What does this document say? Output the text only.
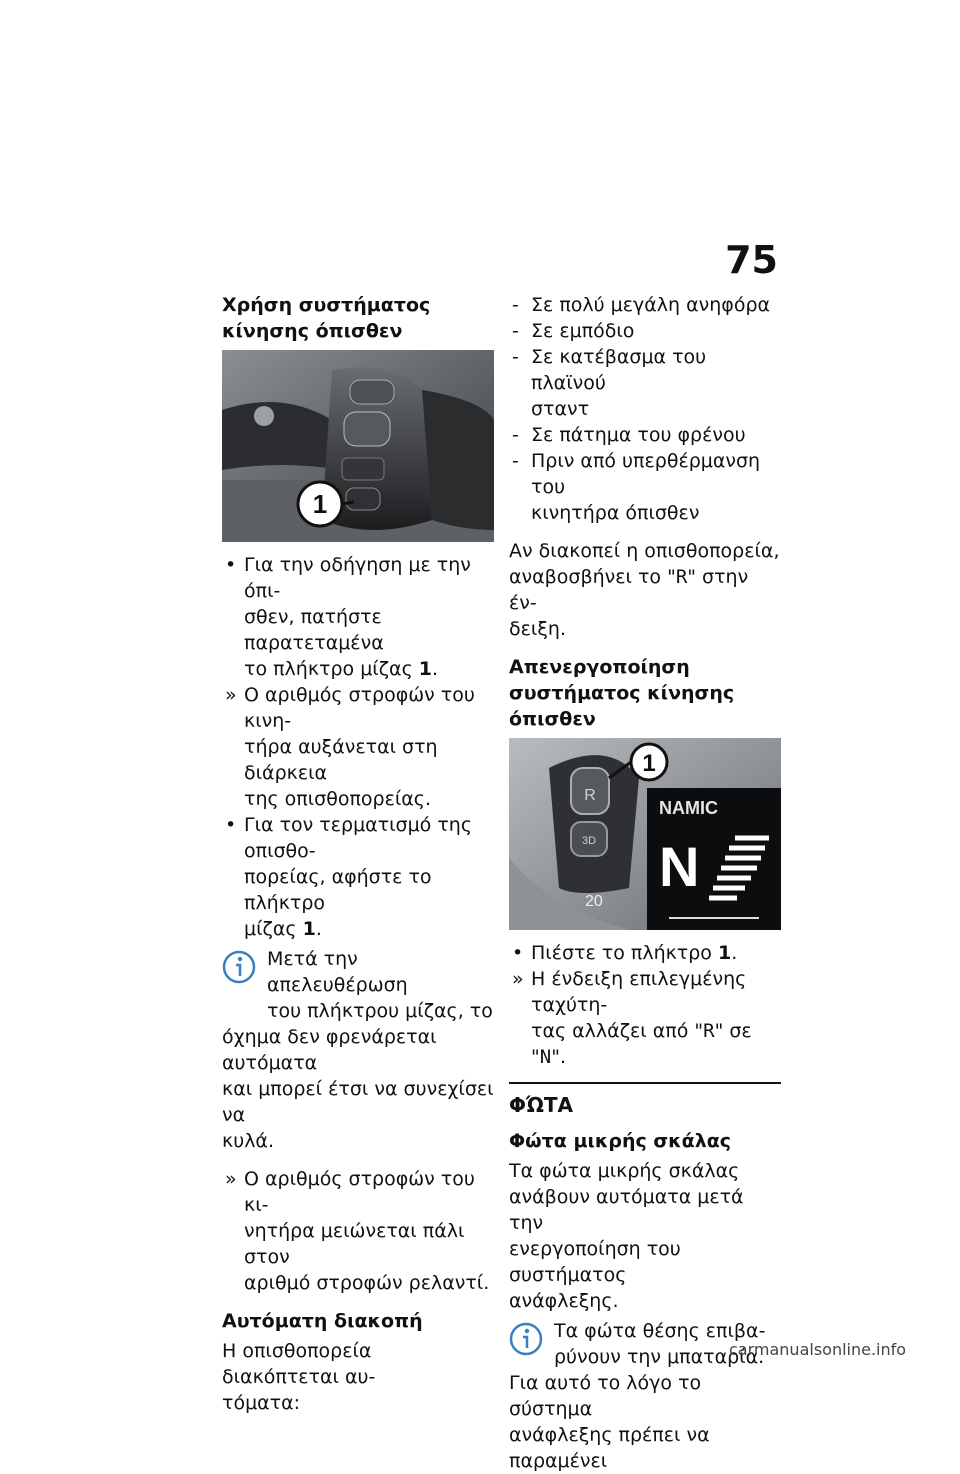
75
Χρήση συστήματος κίνησης όπισθεν
1
• Για την οδήγηση με την όπι-
σθεν, πατήστε παρατεταμένα
το πλήκτρο μίζας 1.
» Ο αριθμός στροφών του κινη-
τήρα αυξάνεται στη διάρκεια
της οπισθοπορείας.
• Για τον τερματισμό της οπισθο-
πορείας, αφήστε το πλήκτρο
μίζας 1.
Μετά την απελευθέρωση
του πλήκτρου μίζας, το

όχημα δεν φρενάρεται αυτόματα
και μπορεί έτσι να συνεχίσει να
κυλά.
» Ο αριθμός στροφών του κι-
νητήρα μειώνεται πάλι στον
αριθμό στροφών ρελαντί.
Αυτόματη διακοπή

Η οπισθοπορεία διακόπτεται αυ-
τόματα:

- Σε πολύ μεγάλη ανηφόρα
- Σε εμπόδιο
- Σε κατέβασμα του πλαϊνού
σταντ
- Σε πάτημα του φρένου
- Πριν από υπερθέρμανση του
κινητήρα όπισθεν

Αν διακοπεί η οπισθοπορεία,
αναβοσβήνει το "R" στην έν-
δειξη.

Απενεργοποίηση συστήματος κίνησης όπισθεν
R
3D
1
NAMIC
N
20
• Πιέστε το πλήκτρο 1.
» Η ένδειξη επιλεγμένης ταχύτη-
τας αλλάζει από "R" σε "N".
ΦΏΤΑ
Φώτα μικρής σκάλας

Τα φώτα μικρής σκάλας
ανάβουν αυτόματα μετά την
ενεργοποίηση του συστήματος
ανάφλεξης.

Τα φώτα θέσης επιβα-
ρύνουν την μπαταρία.

Για αυτό το λόγο το σύστημα
ανάφλεξης πρέπει να παραμένει

carmanualsonline.info
